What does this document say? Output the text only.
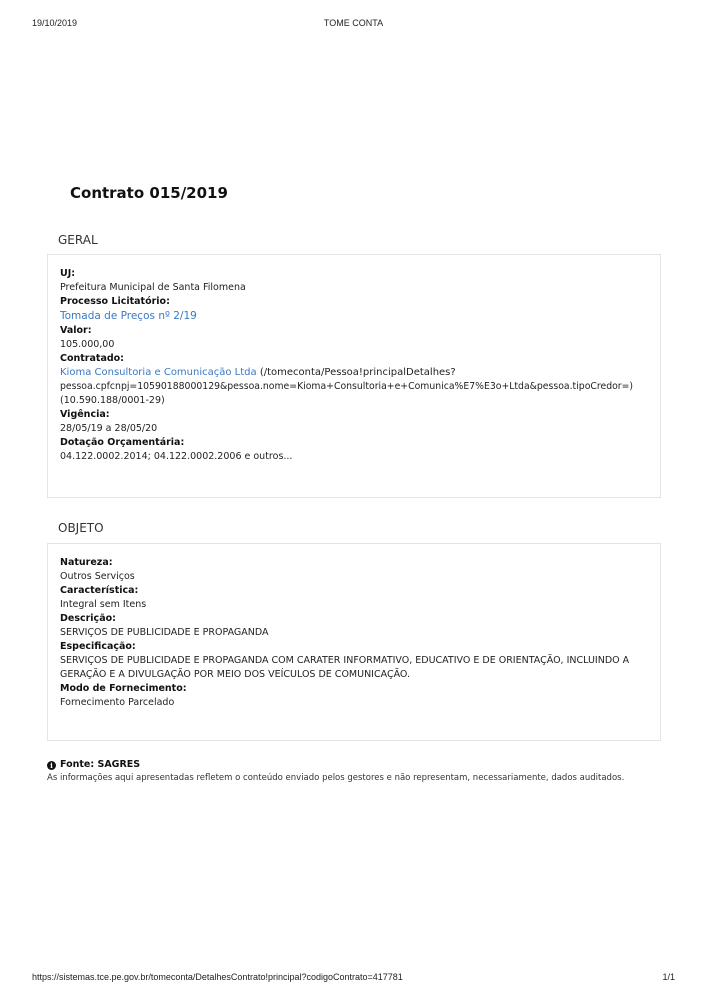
19/10/2019	TOME CONTA
Contrato 015/2019
GERAL
UJ:
Prefeitura Municipal de Santa Filomena
Processo Licitatório:
Tomada de Preços nº 2/19
Valor:
105.000,00
Contratado:
Kioma Consultoria e Comunicação Ltda (/tomeconta/Pessoa!principalDetalhes?
pessoa.cpfcnpj=10590188000129&pessoa.nome=Kioma+Consultoria+e+Comunica%E7%E3o+Ltda&pessoa.tipoCredor=)
(10.590.188/0001-29)
Vigência:
28/05/19 a 28/05/20
Dotação Orçamentária:
04.122.0002.2014; 04.122.0002.2006 e outros...
OBJETO
Natureza:
Outros Serviços
Característica:
Integral sem Itens
Descrição:
SERVIÇOS DE PUBLICIDADE E PROPAGANDA
Especificação:
SERVIÇOS DE PUBLICIDADE E PROPAGANDA COM CARATER INFORMATIVO, EDUCATIVO E DE ORIENTAÇÃO, INCLUINDO A
GERAÇÃO E A DIVULGAÇÃO POR MEIO DOS VEÍCULOS DE COMUNICAÇÃO.
Modo de Fornecimento:
Fornecimento Parcelado
i Fonte: SAGRES
As informações aqui apresentadas refletem o conteúdo enviado pelos gestores e não representam, necessariamente, dados auditados.
https://sistemas.tce.pe.gov.br/tomeconta/DetalhesContrato!principal?codigoContrato=417781	1/1
